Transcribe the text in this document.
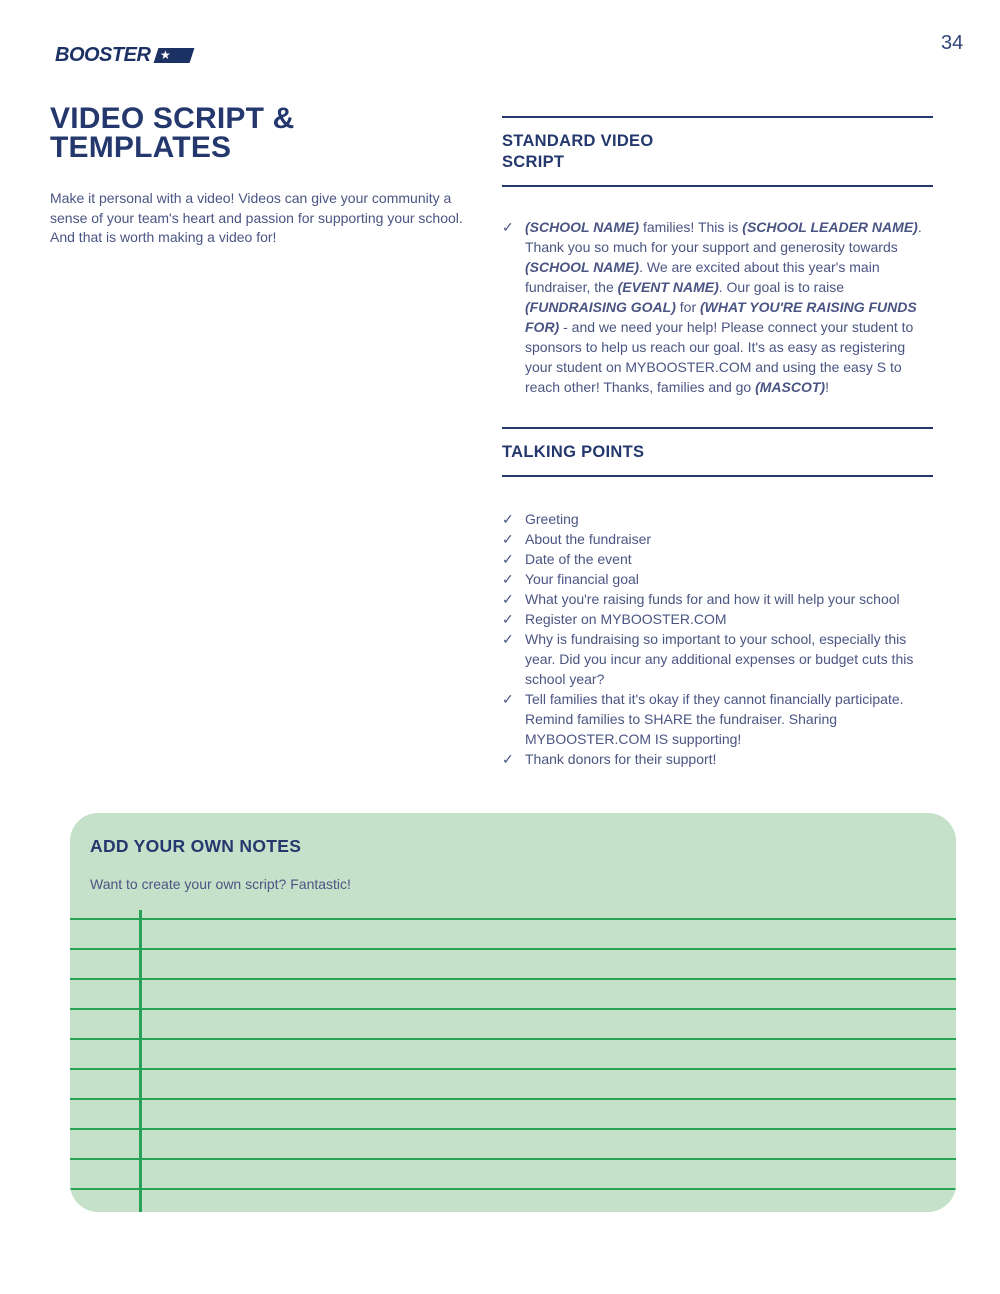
BOOSTER ★
34
VIDEO SCRIPT &
TEMPLATES

Make it personal with a video! Videos can give your community a sense of your team's heart and passion for supporting your school. And that is worth making a video for!

STANDARD VIDEO
SCRIPT
✓ (SCHOOL NAME) families! This is (SCHOOL LEADER NAME). Thank you so much for your support and generosity towards (SCHOOL NAME). We are excited about this year's main fundraiser, the (EVENT NAME). Our goal is to raise (FUNDRAISING GOAL) for (WHAT YOU'RE RAISING FUNDS FOR) - and we need your help! Please connect your student to sponsors to help us reach our goal. It's as easy as registering your student on MYBOOSTER.COM and using the easy S to reach other! Thanks, families and go (MASCOT)!

TALKING POINTS
✓ Greeting
✓ About the fundraiser
✓ Date of the event
✓ Your financial goal
✓ What you're raising funds for and how it will help your school
✓ Register on MYBOOSTER.COM
✓ Why is fundraising so important to your school, especially this year. Did you incur any additional expenses or budget cuts this school year?
✓ Tell families that it's okay if they cannot financially participate. Remind families to SHARE the fundraiser. Sharing MYBOOSTER.COM IS supporting!
✓ Thank donors for their support!
ADD YOUR OWN NOTES
Want to create your own script? Fantastic!
